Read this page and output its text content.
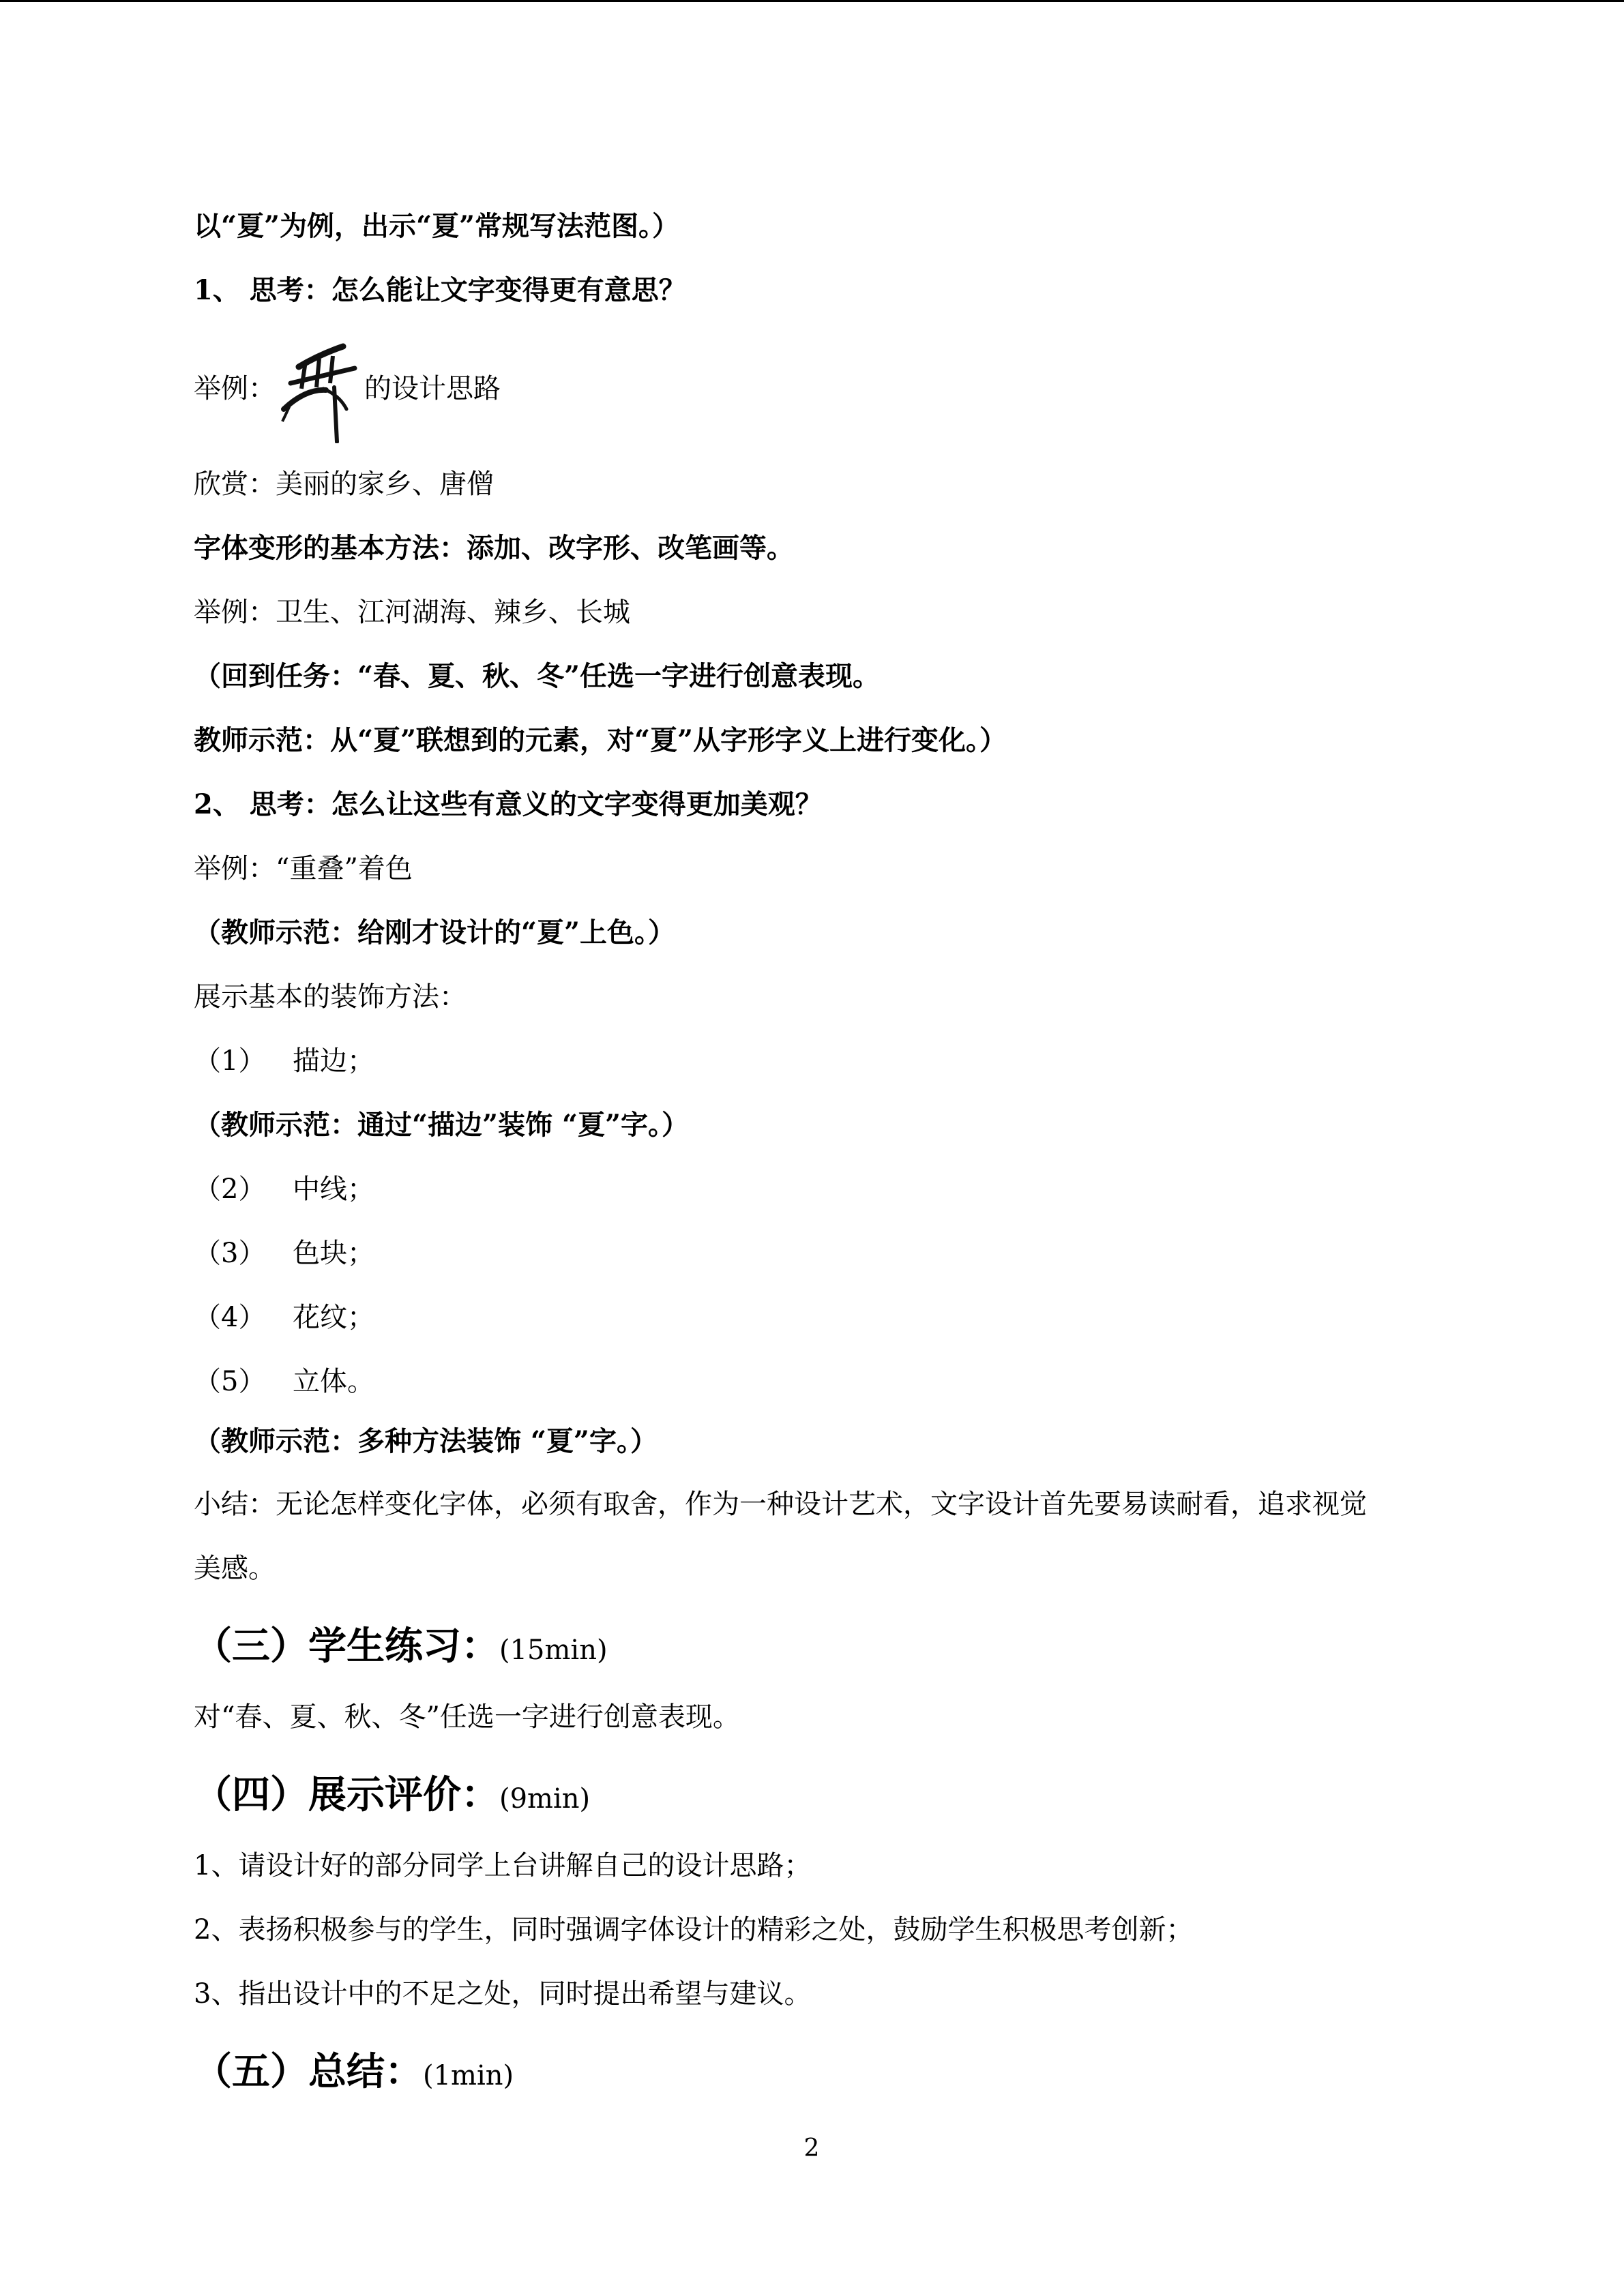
以“夏”为例，出示“夏”常规写法范图。）
1、 思考：怎么能让文字变得更有意思？
举例：	的设计思路
欣赏：美丽的家乡、唐僧
字体变形的基本方法：添加、改字形、改笔画等。
举例：卫生、江河湖海、辣乡、长城
（回到任务：“春、夏、秋、冬”任选一字进行创意表现。
教师示范：从“夏”联想到的元素，对“夏”从字形字义上进行变化。）
2、 思考：怎么让这些有意义的文字变得更加美观？
举例：“重叠”着色
（教师示范：给刚才设计的“夏”上色。）
展示基本的装饰方法：
（1） 描边；
（教师示范：通过“描边”装饰 “夏”字。）
（2） 中线；
（3） 色块；
（4） 花纹；
（5） 立体。
（教师示范：多种方法装饰 “夏”字。）
小结：无论怎样变化字体，必须有取舍，作为一种设计艺术，文字设计首先要易读耐看，追求视觉
美感。
（三）学生练习：(15min)
对“春、夏、秋、冬”任选一字进行创意表现。
（四）展示评价：(9min)
1、请设计好的部分同学上台讲解自己的设计思路；
2、表扬积极参与的学生，同时强调字体设计的精彩之处，鼓励学生积极思考创新；
3、指出设计中的不足之处，同时提出希望与建议。
（五）总结：(1min)
2
